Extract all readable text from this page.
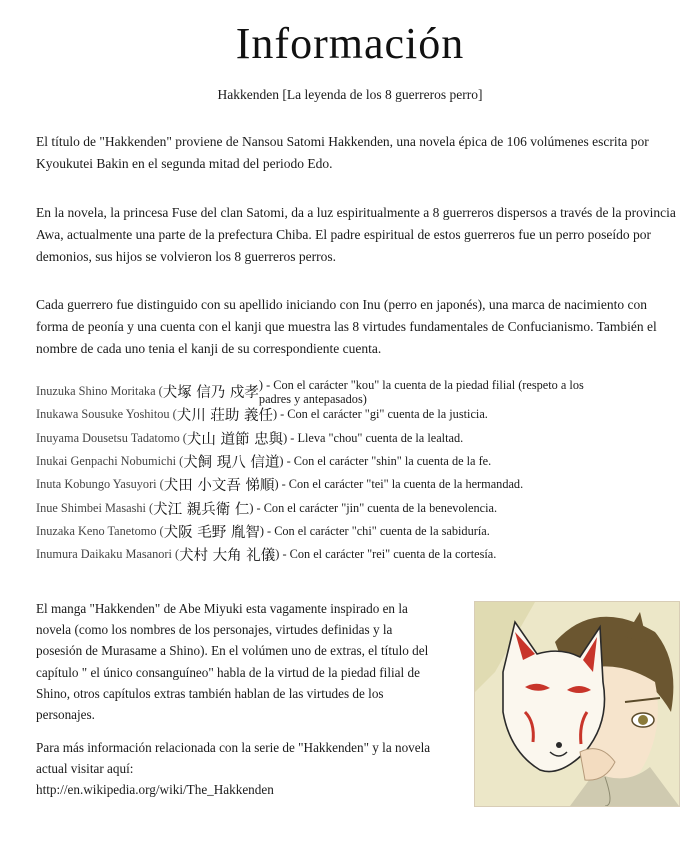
Información
Hakkenden [La leyenda de los 8 guerreros perro]

El título de "Hakkenden" proviene de Nansou Satomi Hakkenden, una novela épica de 106 volúmenes escrita por Kyoukutei Bakin en el segunda mitad del periodo Edo.

En la novela, la princesa Fuse del clan Satomi, da a luz espiritualmente a 8 guerreros dispersos a través de la provincia Awa, actualmente una parte de la prefectura Chiba. El padre espiritual de estos guerreros fue un perro poseído por demonios, sus hijos se volvieron los 8 guerreros perros.

Cada guerrero fue distinguido con su apellido iniciando con Inu (perro en japonés), una marca de nacimiento con forma de peonía y una cuenta con el kanji que muestra las 8 virtudes fundamentales de Confucianismo. También el nombre de cada uno tenia el kanji de su correspondiente cuenta.

Inuzuka Shino Moritaka ( 犬塚 信乃 戍孝
) - Con el carácter "kou" la cuenta de la piedad filial (respeto a los padres y antepasados)
Inukawa Sousuke Yoshitou ( 犬川 荘助 義任 ) - Con el carácter "gi" cuenta de la justicia.
Inuyama Dousetsu Tadatomo ( 犬山 道節 忠與 ) - Lleva "chou" cuenta de la lealtad.
Inukai Genpachi Nobumichi ( 犬飼 現八 信道 ) - Con el carácter "shin" la cuenta de la fe.
Inuta Kobungo Yasuyori ( 犬田 小文吾 悌順 ) - Con el carácter "tei" la cuenta de la hermandad.
Inue Shimbei Masashi ( 犬江 親兵衛 仁 ) - Con el carácter "jin" cuenta de la benevolencia.
Inuzaka Keno Tanetomo ( 犬阪 毛野 胤智 ) - Con el carácter "chi" cuenta de la sabiduría.
Inumura Daikaku Masanori ( 犬村 大角 礼儀 ) - Con el carácter "rei" cuenta de la cortesía.

El manga "Hakkenden" de Abe Miyuki esta vagamente inspirado en la novela (como los nombres de los personajes, virtudes definidas y la posesión de Murasame a Shino). En el volúmen uno de extras, el título del capítulo " el único consanguíneo" habla de la virtud de la piedad filial de Shino, otros capítulos extras también hablan de las virtudes de los personajes.

Para más información relacionada con la serie de "Hakkenden" y la novela actual visitar aquí:
http://en.wikipedia.org/wiki/The_Hakkenden
